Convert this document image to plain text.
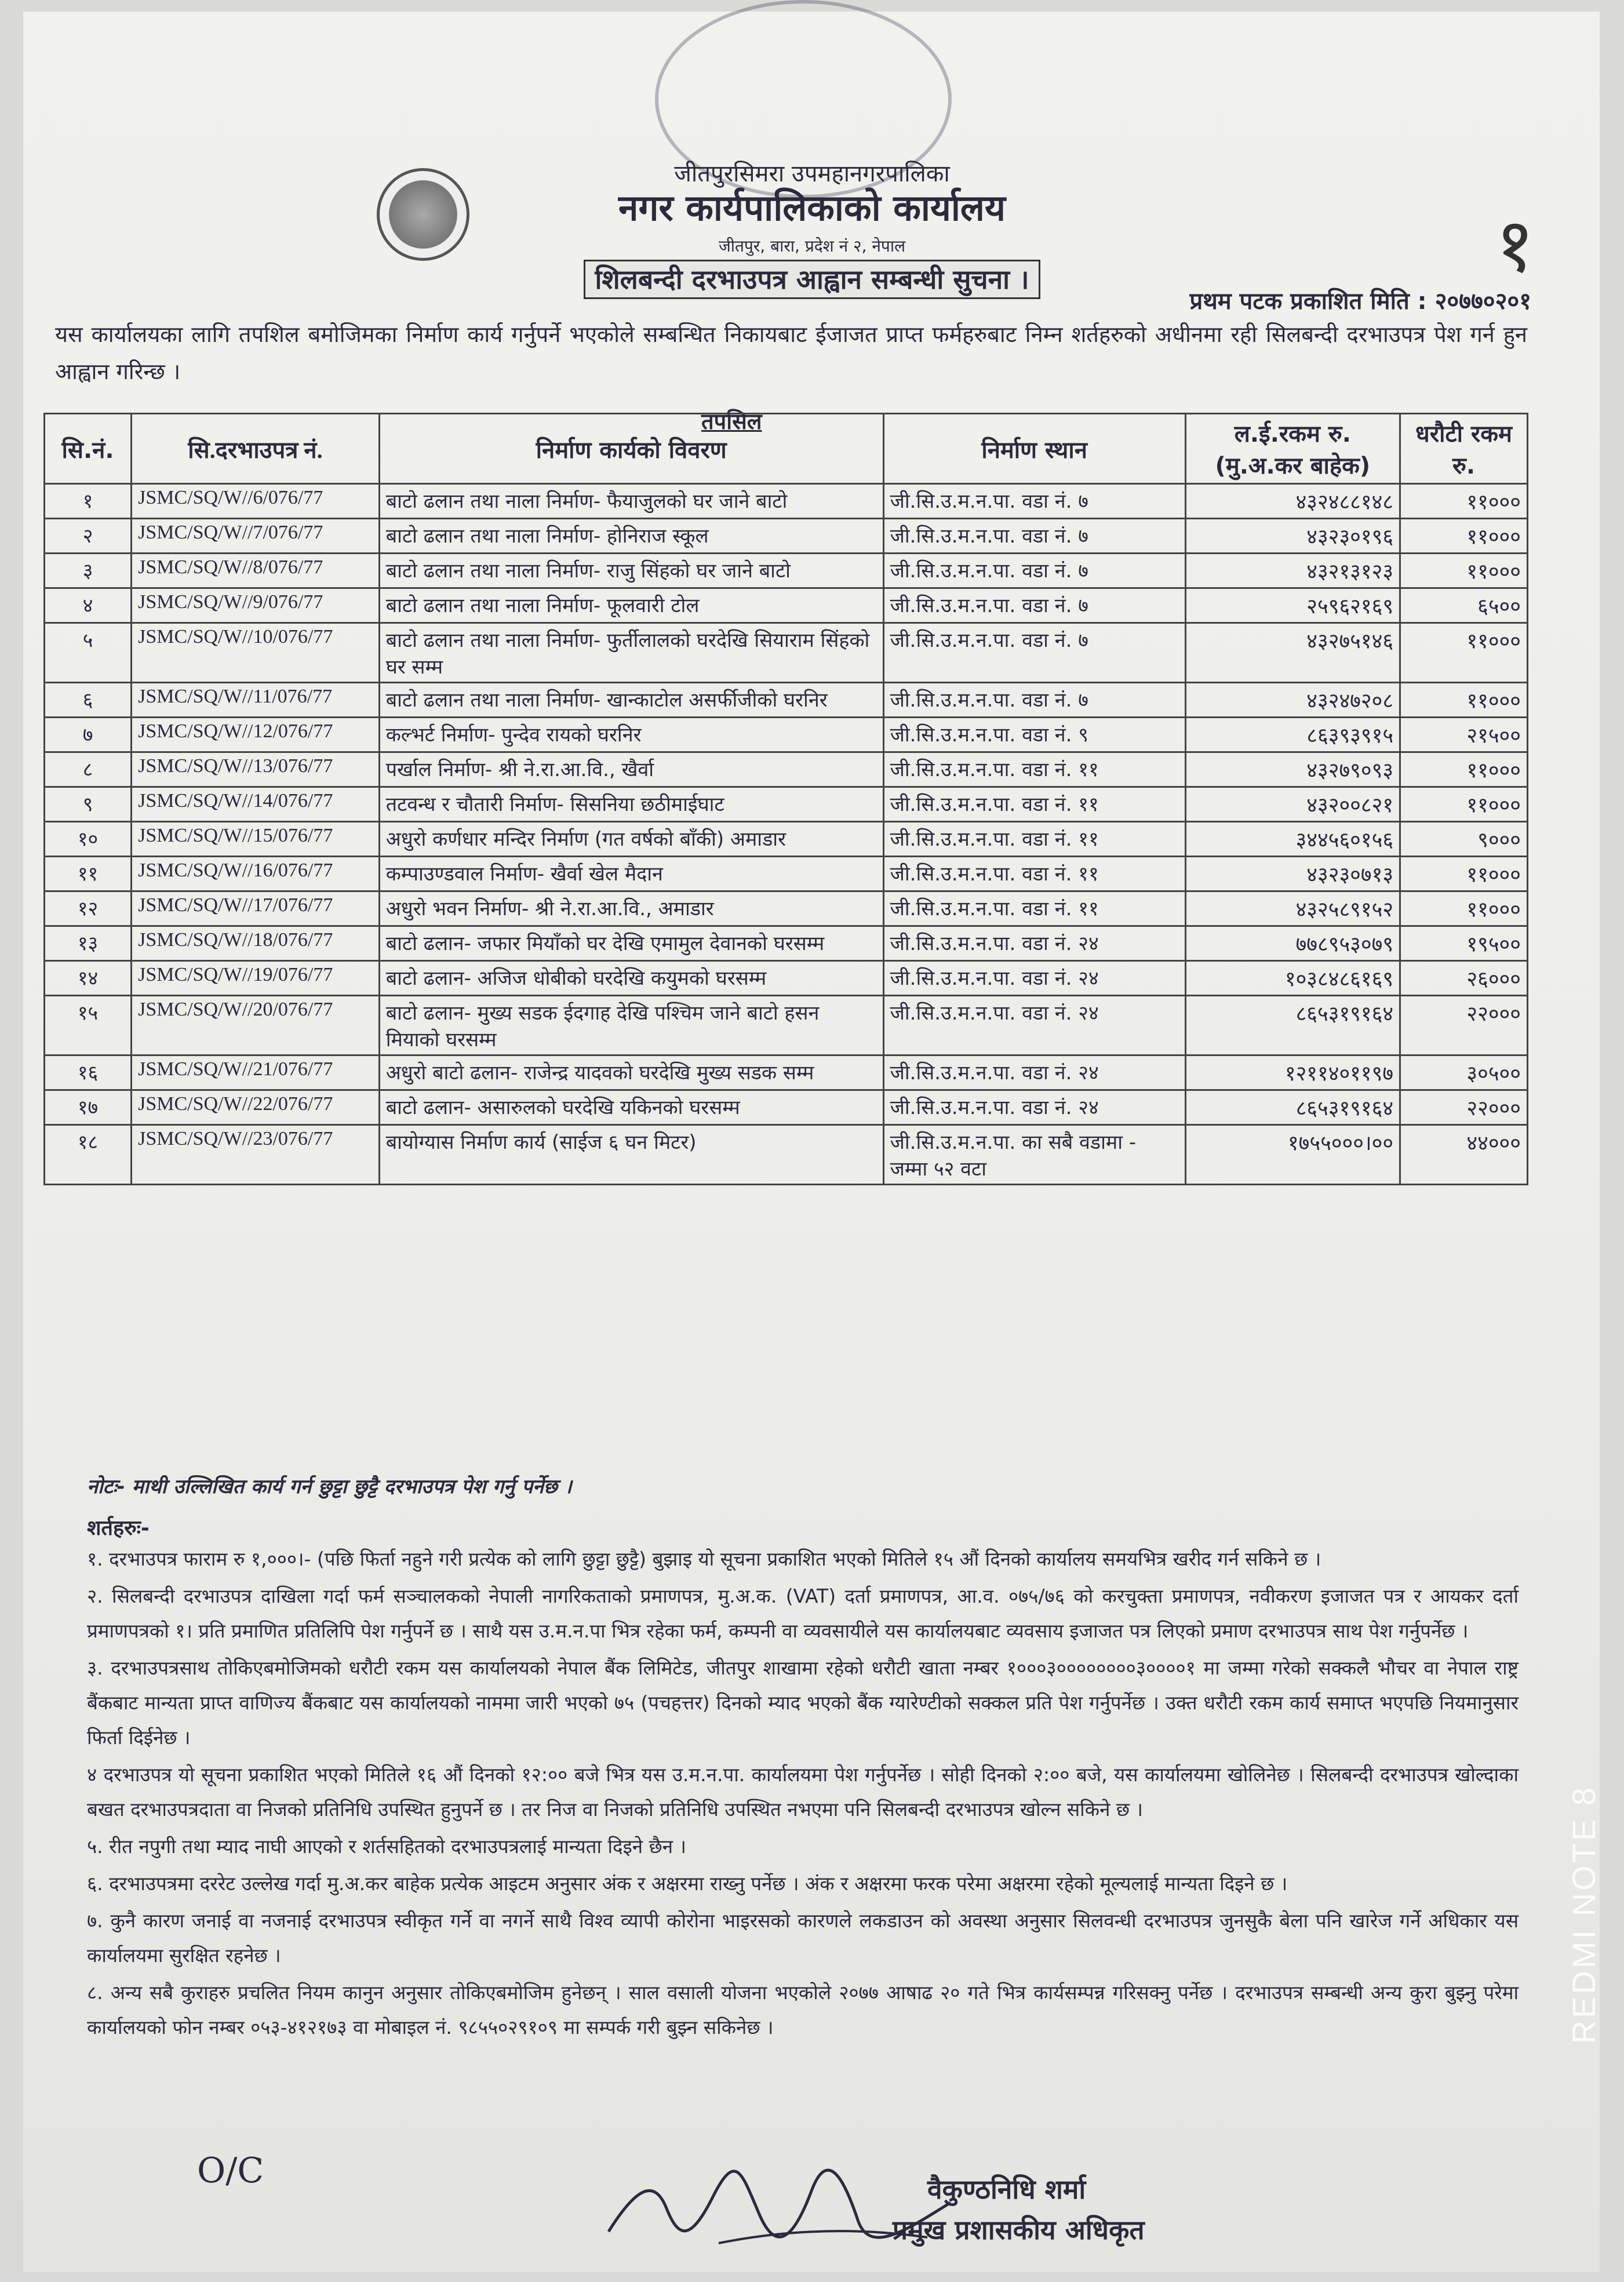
जीतपुरसिमरा उपमहानगरपालिका
नगर कार्यपालिकाको कार्यालय
जीतपुर, बारा, प्रदेश नं २, नेपाल
शिलबन्दी दरभाउपत्र आह्वान सम्बन्धी सुचना ।
प्रथम पटक प्रकाशित मिति : २०७७०२०१
१
यस कार्यालयका लागि तपशिल बमोजिमका निर्माण कार्य गर्नुपर्ने भएकोले सम्बन्धित निकायबाट ईजाजत प्राप्त फर्महरुबाट निम्न शर्तहरुको अधीनमा रही सिलबन्दी दरभाउपत्र पेश गर्न हुन आह्वान गरिन्छ ।
तपसिल
सि.नं.	सि.दरभाउपत्र नं.	निर्माण कार्यको विवरण	निर्माण स्थान	ल.ई.रकम रु. (मु.अ.कर बाहेक)	धरौटी रकम रु.
१	JSMC/SQ/W//6/076/77	बाटो ढलान तथा नाला निर्माण- फैयाजुलको घर जाने बाटो	जी.सि.उ.म.न.पा. वडा नं. ७	४३२४८८१४८	११०००
२	JSMC/SQ/W//7/076/77	बाटो ढलान तथा नाला निर्माण- होनिराज स्कूल	जी.सि.उ.म.न.पा. वडा नं. ७	४३२३०१९६	११०००
३	JSMC/SQ/W//8/076/77	बाटो ढलान तथा नाला निर्माण- राजु सिंहको घर जाने बाटो	जी.सि.उ.म.न.पा. वडा नं. ७	४३२१३१२३	११०००
४	JSMC/SQ/W//9/076/77	बाटो ढलान तथा नाला निर्माण- फूलवारी टोल	जी.सि.उ.म.न.पा. वडा नं. ७	२५९६२१६९	६५००
५	JSMC/SQ/W//10/076/77	बाटो ढलान तथा नाला निर्माण- फुर्तीलालको घरदेखि सियाराम सिंहको घर सम्म	जी.सि.उ.म.न.पा. वडा नं. ७	४३२७५१४६	११०००
६	JSMC/SQ/W//11/076/77	बाटो ढलान तथा नाला निर्माण- खान्काटोल असर्फीजीको घरनिर	जी.सि.उ.म.न.पा. वडा नं. ७	४३२४७२०८	११०००
७	JSMC/SQ/W//12/076/77	कल्भर्ट निर्माण- पुन्देव रायको घरनिर	जी.सि.उ.म.न.पा. वडा नं. ९	८६३९३९१५	२१५००
८	JSMC/SQ/W//13/076/77	पर्खाल निर्माण- श्री ने.रा.आ.वि., खैर्वा	जी.सि.उ.म.न.पा. वडा नं. ११	४३२७९०९३	११०००
९	JSMC/SQ/W//14/076/77	तटवन्ध र चौतारी निर्माण- सिसनिया छठीमाईघाट	जी.सि.उ.म.न.पा. वडा नं. ११	४३२००८२१	११०००
१०	JSMC/SQ/W//15/076/77	अधुरो कर्णधार मन्दिर निर्माण (गत वर्षको बाँकी) अमाडार	जी.सि.उ.म.न.पा. वडा नं. ११	३४४५६०१५६	९०००
११	JSMC/SQ/W//16/076/77	कम्पाउण्डवाल निर्माण- खैर्वा खेल मैदान	जी.सि.उ.म.न.पा. वडा नं. ११	४३२३०७१३	११०००
१२	JSMC/SQ/W//17/076/77	अधुरो भवन निर्माण- श्री ने.रा.आ.वि., अमाडार	जी.सि.उ.म.न.पा. वडा नं. ११	४३२५८९१५२	११०००
१३	JSMC/SQ/W//18/076/77	बाटो ढलान- जफार मियाँको घर देखि एमामुल देवानको घरसम्म	जी.सि.उ.म.न.पा. वडा नं. २४	७७८९५३०७९	१९५००
१४	JSMC/SQ/W//19/076/77	बाटो ढलान- अजिज धोबीको घरदेखि कयुमको घरसम्म	जी.सि.उ.म.न.पा. वडा नं. २४	१०३८४८६१६९	२६०००
१५	JSMC/SQ/W//20/076/77	बाटो ढलान- मुख्य सडक ईदगाह देखि पश्चिम जाने बाटो हसन मियाको घरसम्म	जी.सि.उ.म.न.पा. वडा नं. २४	८६५३१९१६४	२२०००
१६	JSMC/SQ/W//21/076/77	अधुरो बाटो ढलान- राजेन्द्र यादवको घरदेखि मुख्य सडक सम्म	जी.सि.उ.म.न.पा. वडा नं. २४	१२११४०११९७	३०५००
१७	JSMC/SQ/W//22/076/77	बाटो ढलान- असारुलको घरदेखि यकिनको घरसम्म	जी.सि.उ.म.न.पा. वडा नं. २४	८६५३१९१६४	२२०००
१८	JSMC/SQ/W//23/076/77	बायोग्यास निर्माण कार्य (साईज ६ घन मिटर)	जी.सि.उ.म.न.पा. का सबै वडामा - जम्मा ५२ वटा	१७५५०००।००	४४०००
नोटः- माथी उल्लिखित कार्य गर्न छुट्टा छुट्टै दरभाउपत्र पेश गर्नु पर्नेछ ।
शर्तहरुः-

१. दरभाउपत्र फाराम रु १,०००।- (पछि फिर्ता नहुने गरी प्रत्येक को लागि छुट्टा छुट्टै) बुझाइ यो सूचना प्रकाशित भएको मितिले १५ औं दिनको कार्यालय समयभित्र खरीद गर्न सकिने छ ।

२. सिलबन्दी दरभाउपत्र दाखिला गर्दा फर्म सञ्चालकको नेपाली नागरिकताको प्रमाणपत्र, मु.अ.क. (VAT) दर्ता प्रमाणपत्र, आ.व. ०७५/७६ को करचुक्ता प्रमाणपत्र, नवीकरण इजाजत पत्र र आयकर दर्ता प्रमाणपत्रको १। प्रति प्रमाणित प्रतिलिपि पेश गर्नुपर्ने छ । साथै यस उ.म.न.पा भित्र रहेका फर्म, कम्पनी वा व्यवसायीले यस कार्यालयबाट व्यवसाय इजाजत पत्र लिएको प्रमाण दरभाउपत्र साथ पेश गर्नुपर्नेछ ।

३. दरभाउपत्रसाथ तोकिएबमोजिमको धरौटी रकम यस कार्यालयको नेपाल बैंक लिमिटेड, जीतपुर शाखामा रहेको धरौटी खाता नम्बर १०००३००००००००३००००१ मा जम्मा गरेको सक्कलै भौचर वा नेपाल राष्ट्र बैंकबाट मान्यता प्राप्त वाणिज्य बैंकबाट यस कार्यालयको नाममा जारी भएको ७५ (पचहत्तर) दिनको म्याद भएको बैंक ग्यारेण्टीको सक्कल प्रति पेश गर्नुपर्नेछ । उक्त धरौटी रकम कार्य समाप्त भएपछि नियमानुसार फिर्ता दिईनेछ ।

४ दरभाउपत्र यो सूचना प्रकाशित भएको मितिले १६ औं दिनको १२:०० बजे भित्र यस उ.म.न.पा. कार्यालयमा पेश गर्नुपर्नेछ । सोही दिनको २:०० बजे, यस कार्यालयमा खोलिनेछ । सिलबन्दी दरभाउपत्र खोल्दाका बखत दरभाउपत्रदाता वा निजको प्रतिनिधि उपस्थित हुनुपर्ने छ । तर निज वा निजको प्रतिनिधि उपस्थित नभएमा पनि सिलबन्दी दरभाउपत्र खोल्न सकिने छ ।

५. रीत नपुगी तथा म्याद नाघी आएको र शर्तसहितको दरभाउपत्रलाई मान्यता दिइने छैन ।

६. दरभाउपत्रमा दररेट उल्लेख गर्दा मु.अ.कर बाहेक प्रत्येक आइटम अनुसार अंक र अक्षरमा राख्नु पर्नेछ । अंक र अक्षरमा फरक परेमा अक्षरमा रहेको मूल्यलाई मान्यता दिइने छ ।

७. कुनै कारण जनाई वा नजनाई दरभाउपत्र स्वीकृत गर्ने वा नगर्ने साथै विश्व व्यापी कोरोना भाइरसको कारणले लकडाउन को अवस्था अनुसार सिलवन्धी दरभाउपत्र जुनसुकै बेला पनि खारेज गर्ने अधिकार यस कार्यालयमा सुरक्षित रहनेछ ।

८. अन्य सबै कुराहरु प्रचलित नियम कानुन अनुसार तोकिएबमोजिम हुनेछन् । साल वसाली योजना भएकोले २०७७ आषाढ २० गते भित्र कार्यसम्पन्न गरिसक्नु पर्नेछ । दरभाउपत्र सम्बन्धी अन्य कुरा बुझ्नु परेमा कार्यालयको फोन नम्बर ०५३-४१२१७३ वा मोबाइल नं. ९८५५०२९१०९ मा सम्पर्क गरी बुझ्न सकिनेछ ।

O/C	वैकुण्ठनिधि शर्मा
प्रमुख प्रशासकीय अधिकृत
REDMI NOTE 8
